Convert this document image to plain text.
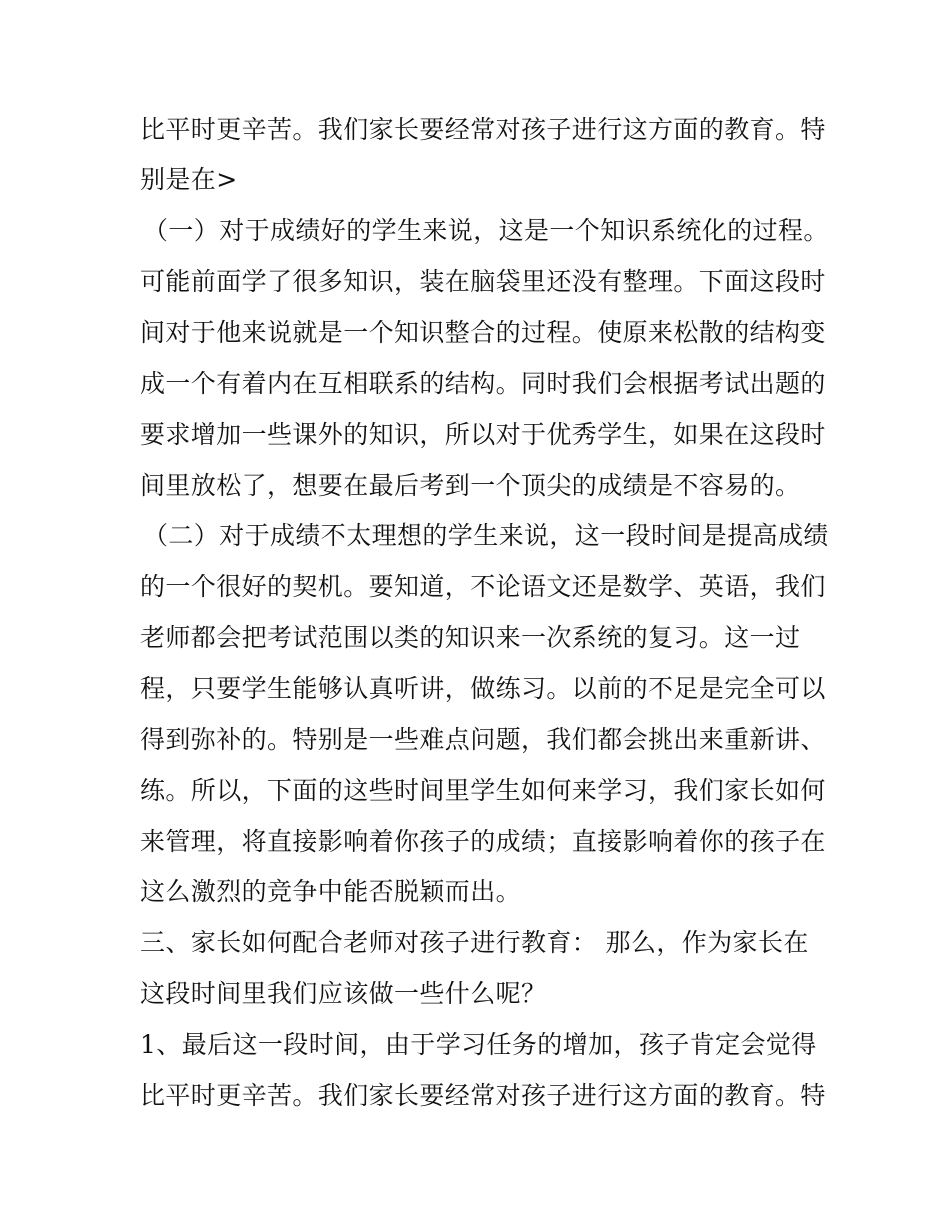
比平时更辛苦。我们家长要经常对孩子进行这方面的教育。特
别是在>
（一）对于成绩好的学生来说，这是一个知识系统化的过程。
可能前面学了很多知识，装在脑袋里还没有整理。下面这段时
间对于他来说就是一个知识整合的过程。使原来松散的结构变
成一个有着内在互相联系的结构。同时我们会根据考试出题的
要求增加一些课外的知识，所以对于优秀学生，如果在这段时
间里放松了，想要在最后考到一个顶尖的成绩是不容易的。
（二）对于成绩不太理想的学生来说，这一段时间是提高成绩
的一个很好的契机。要知道，不论语文还是数学、英语，我们
老师都会把考试范围以类的知识来一次系统的复习。这一过
程，只要学生能够认真听讲，做练习。以前的不足是完全可以
得到弥补的。特别是一些难点问题，我们都会挑出来重新讲、
练。所以，下面的这些时间里学生如何来学习，我们家长如何
来管理，将直接影响着你孩子的成绩；直接影响着你的孩子在
这么激烈的竞争中能否脱颖而出。
三、家长如何配合老师对孩子进行教育： 那么，作为家长在
这段时间里我们应该做一些什么呢？
1、最后这一段时间，由于学习任务的增加，孩子肯定会觉得
比平时更辛苦。我们家长要经常对孩子进行这方面的教育。特
